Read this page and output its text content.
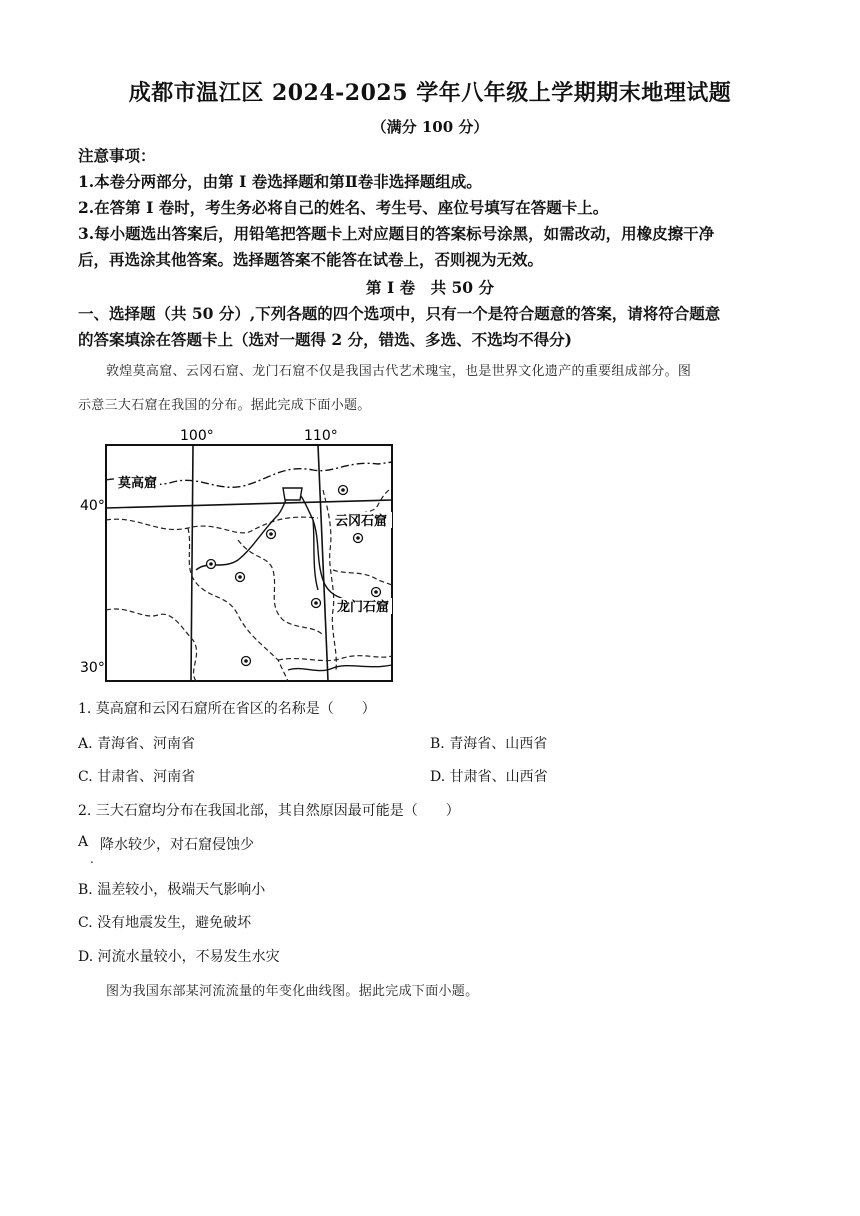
成都市温江区 2024-2025 学年八年级上学期期末地理试题
（满分 100 分）
注意事项：
1.本卷分两部分，由第 I 卷选择题和第Ⅱ卷非选择题组成。
2.在答第 I 卷时，考生务必将自己的姓名、考生号、座位号填写在答题卡上。
3.每小题选出答案后，用铅笔把答题卡上对应题目的答案标号涂黑，如需改动，用橡皮擦干净
后，再选涂其他答案。选择题答案不能答在试卷上，否则视为无效。
第 I 卷　共 50 分
一、选择题（共 50 分）,下列各题的四个选项中，只有一个是符合题意的答案，请将符合题意
的答案填涂在答题卡上（选对一题得 2 分，错选、多选、不选均不得分)
敦煌莫高窟、云冈石窟、龙门石窟不仅是我国古代艺术瑰宝，也是世界文化遗产的重要组成部分。图
示意三大石窟在我国的分布。据此完成下面小题。
100°	110°
40°
30°
莫高窟
云冈石窟
龙门石窟
1. 莫高窟和云冈石窟所在省区的名称是（　　）
A. 青海省、河南省	B. 青海省、山西省
C. 甘肃省、河南省	D. 甘肃省、山西省
2. 三大石窟均分布在我国北部，其自然原因最可能是（　　）
A
.
降水较少，对石窟侵蚀少
B. 温差较小，极端天气影响小
C. 没有地震发生，避免破坏
D. 河流水量较小，不易发生水灾
图为我国东部某河流流量的年变化曲线图。据此完成下面小题。
